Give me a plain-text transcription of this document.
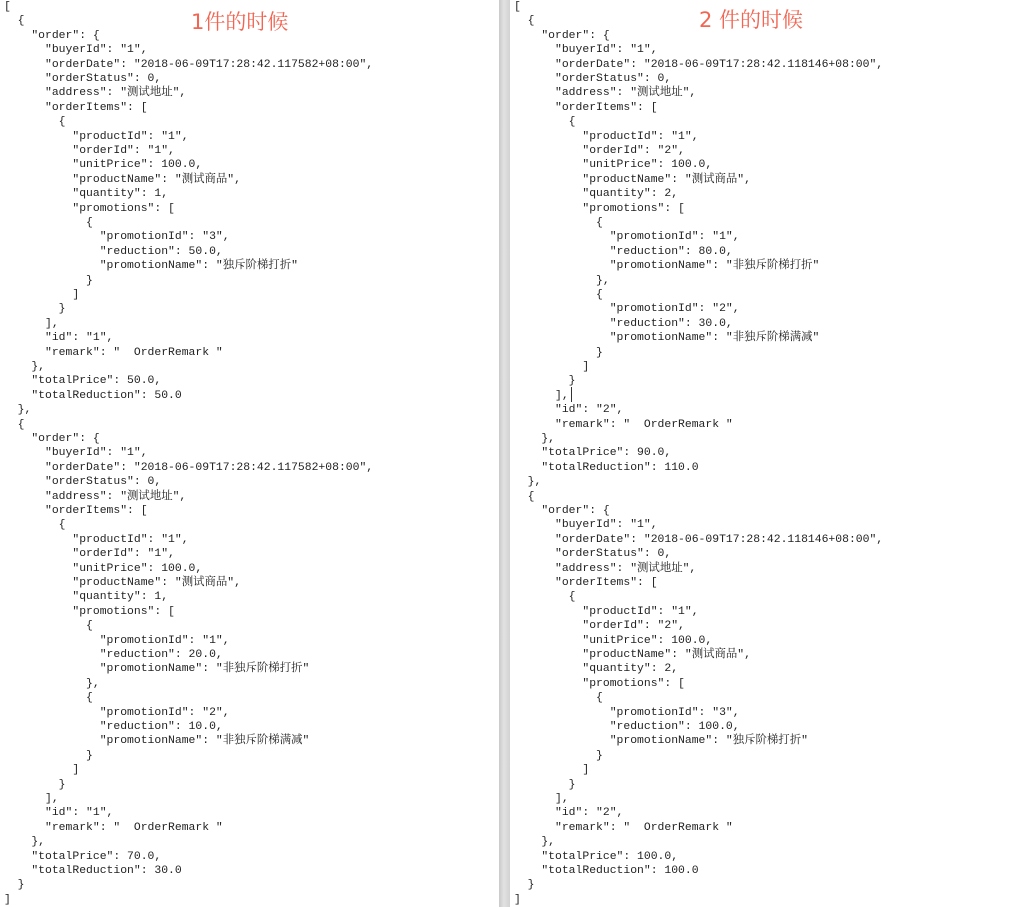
[
{
"order": {
"buyerId": "1",
"orderDate": "2018-06-09T17:28:42.117582+08:00",
"orderStatus": 0,
"address": "测试地址",
"orderItems": [
{
"productId": "1",
"orderId": "1",
"unitPrice": 100.0,
"productName": "测试商品",
"quantity": 1,
"promotions": [
{
"promotionId": "3",
"reduction": 50.0,
"promotionName": "独斥阶梯打折"
}
]
}
],
"id": "1",
"remark": "  OrderRemark "
},
"totalPrice": 50.0,
"totalReduction": 50.0
},
{
"order": {
"buyerId": "1",
"orderDate": "2018-06-09T17:28:42.117582+08:00",
"orderStatus": 0,
"address": "测试地址",
"orderItems": [
{
"productId": "1",
"orderId": "1",
"unitPrice": 100.0,
"productName": "测试商品",
"quantity": 1,
"promotions": [
{
"promotionId": "1",
"reduction": 20.0,
"promotionName": "非独斥阶梯打折"
},
{
"promotionId": "2",
"reduction": 10.0,
"promotionName": "非独斥阶梯满减"
}
]
}
],
"id": "1",
"remark": "  OrderRemark "
},
"totalPrice": 70.0,
"totalReduction": 30.0
}
]
1件的时候
[
{
"order": {
"buyerId": "1",
"orderDate": "2018-06-09T17:28:42.118146+08:00",
"orderStatus": 0,
"address": "测试地址",
"orderItems": [
{
"productId": "1",
"orderId": "2",
"unitPrice": 100.0,
"productName": "测试商品",
"quantity": 2,
"promotions": [
{
"promotionId": "1",
"reduction": 80.0,
"promotionName": "非独斥阶梯打折"
},
{
"promotionId": "2",
"reduction": 30.0,
"promotionName": "非独斥阶梯满减"
}
]
}
],
"id": "2",
"remark": "  OrderRemark "
},
"totalPrice": 90.0,
"totalReduction": 110.0
},
{
"order": {
"buyerId": "1",
"orderDate": "2018-06-09T17:28:42.118146+08:00",
"orderStatus": 0,
"address": "测试地址",
"orderItems": [
{
"productId": "1",
"orderId": "2",
"unitPrice": 100.0,
"productName": "测试商品",
"quantity": 2,
"promotions": [
{
"promotionId": "3",
"reduction": 100.0,
"promotionName": "独斥阶梯打折"
}
]
}
],
"id": "2",
"remark": "  OrderRemark "
},
"totalPrice": 100.0,
"totalReduction": 100.0
}
]
2 件的时候
